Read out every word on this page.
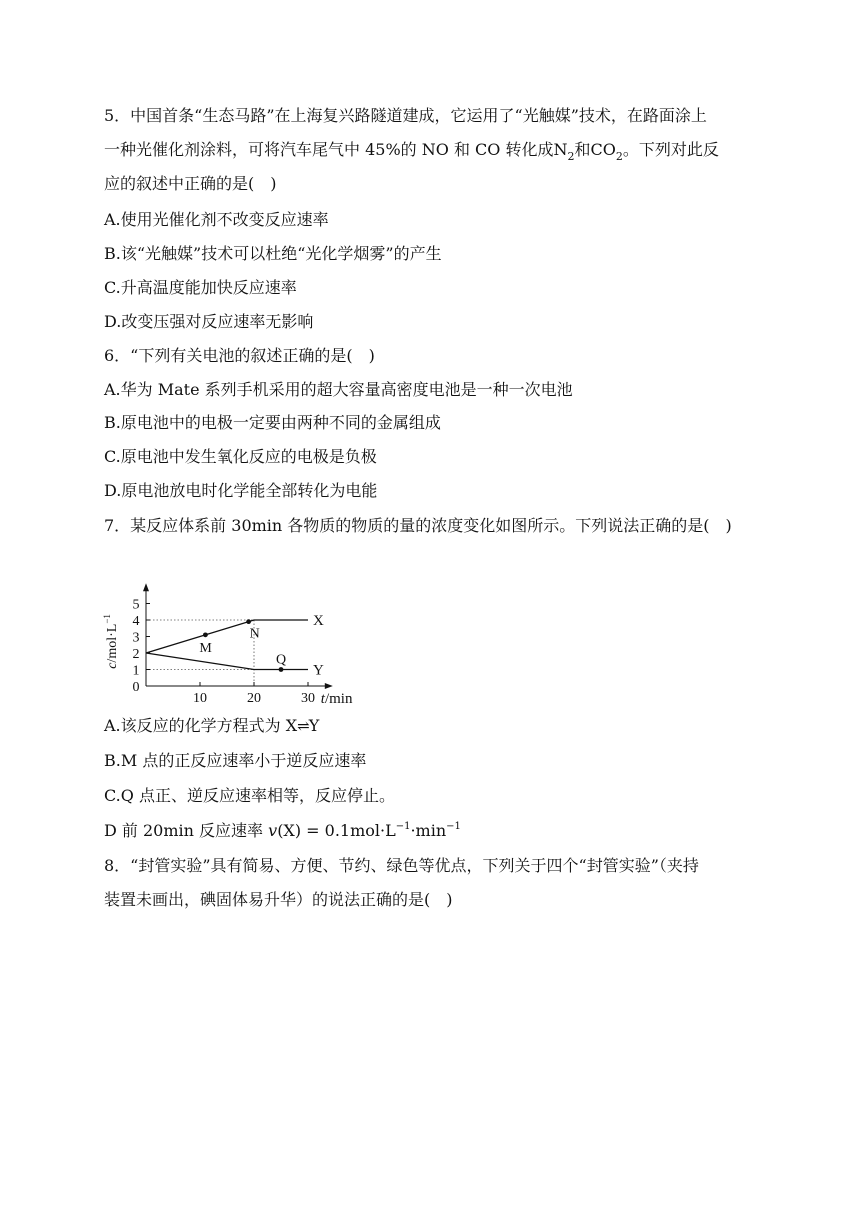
5．中国首条“生态马路”在上海复兴路隧道建成，它运用了“光触媒”技术，在路面涂上
一种光催化剂涂料，可将汽车尾气中 45%的 NO 和 CO 转化成$N_2$和$CO_2$。下列对此反
应的叙述中正确的是(　)
A.使用光催化剂不改变反应速率
B.该“光触媒”技术可以杜绝“光化学烟雾”的产生
C.升高温度能加快反应速率
D.改变压强对反应速率无影响
6．“下列有关电池的叙述正确的是(　)
A.华为 Mate 系列手机采用的超大容量高密度电池是一种一次电池
B.原电池中的电极一定要由两种不同的金属组成
C.原电池中发生氧化反应的电极是负极
D.原电池放电时化学能全部转化为电能
7．某反应体系前 30min 各物质的物质的量的浓度变化如图所示。下列说法正确的是(　)
1
2
3
4
5
10	20	30
0
t/min
$c/mol\cdot L^{-1}$	X
Y
M
N
Q
A.该反应的化学方程式为 X⇌Y
B.M 点的正反应速率小于逆反应速率
C.Q 点正、逆反应速率相等，反应停止。
D 前 20min 反应速率 $v(X) = 0.1mol\cdot L^{-1}\cdot\min^{-1}$
8．“封管实验”具有简易、方便、节约、绿色等优点，下列关于四个“封管实验”（夹持
装置未画出，碘固体易升华）的说法正确的是(　)
